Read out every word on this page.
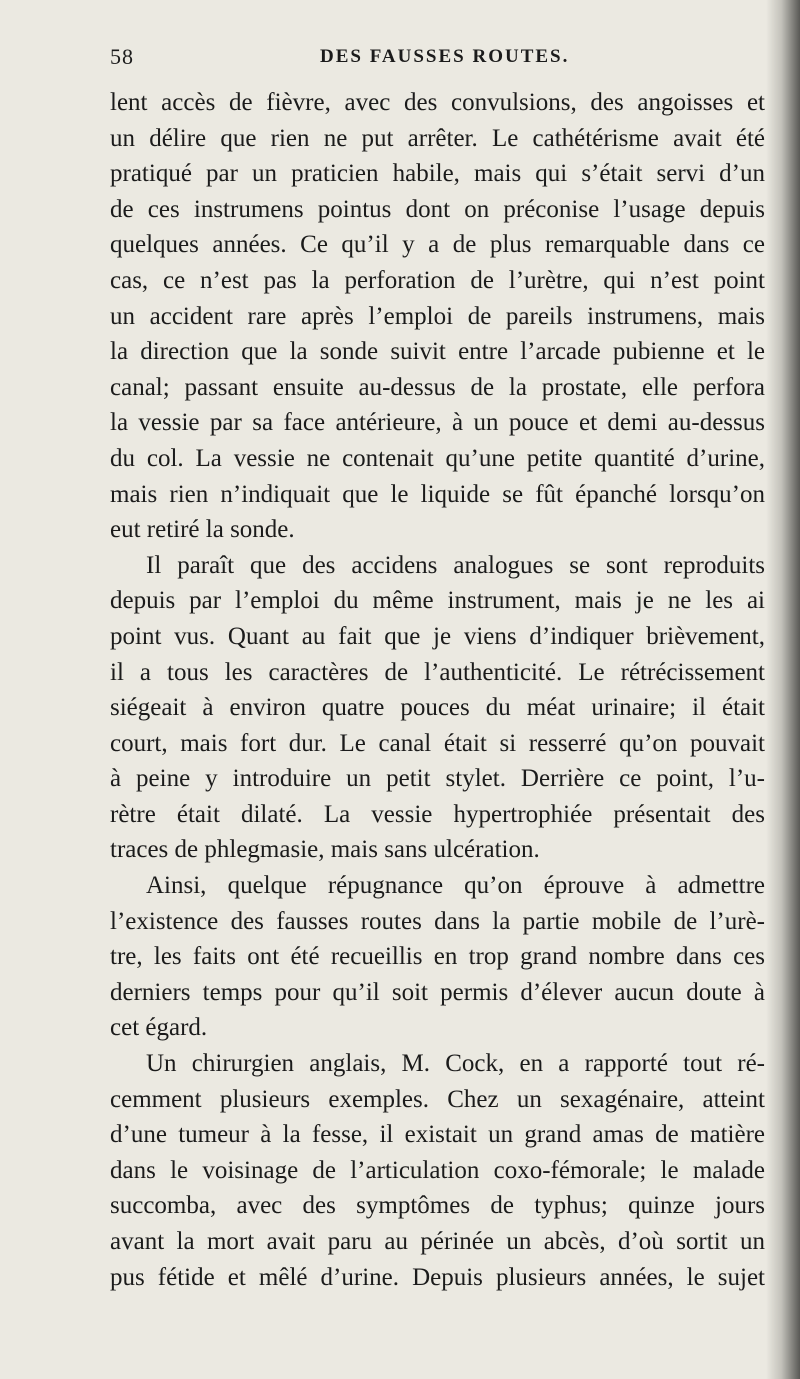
58	DES FAUSSES ROUTES.
lent accès de fièvre, avec des convulsions, des angoisses et
un délire que rien ne put arrêter. Le cathétérisme avait été
pratiqué par un praticien habile, mais qui s’était servi d’un
de ces instrumens pointus dont on préconise l’usage depuis
quelques années. Ce qu’il y a de plus remarquable dans ce
cas, ce n’est pas la perforation de l’urètre, qui n’est point
un accident rare après l’emploi de pareils instrumens, mais
la direction que la sonde suivit entre l’arcade pubienne et le
canal; passant ensuite au-dessus de la prostate, elle perfora
la vessie par sa face antérieure, à un pouce et demi au-dessus
du col. La vessie ne contenait qu’une petite quantité d’urine,
mais rien n’indiquait que le liquide se fût épanché lorsqu’on
eut retiré la sonde.
Il paraît que des accidens analogues se sont reproduits
depuis par l’emploi du même instrument, mais je ne les ai
point vus. Quant au fait que je viens d’indiquer brièvement,
il a tous les caractères de l’authenticité. Le rétrécissement
siégeait à environ quatre pouces du méat urinaire; il était
court, mais fort dur. Le canal était si resserré qu’on pouvait
à peine y introduire un petit stylet. Derrière ce point, l’u-
rètre était dilaté. La vessie hypertrophiée présentait des
traces de phlegmasie, mais sans ulcération.
Ainsi, quelque répugnance qu’on éprouve à admettre
l’existence des fausses routes dans la partie mobile de l’urè-
tre, les faits ont été recueillis en trop grand nombre dans ces
derniers temps pour qu’il soit permis d’élever aucun doute à
cet égard.
Un chirurgien anglais, M. Cock, en a rapporté tout ré-
cemment plusieurs exemples. Chez un sexagénaire, atteint
d’une tumeur à la fesse, il existait un grand amas de matière
dans le voisinage de l’articulation coxo-fémorale; le malade
succomba, avec des symptômes de typhus; quinze jours
avant la mort avait paru au périnée un abcès, d’où sortit un
pus fétide et mêlé d’urine. Depuis plusieurs années, le sujet
